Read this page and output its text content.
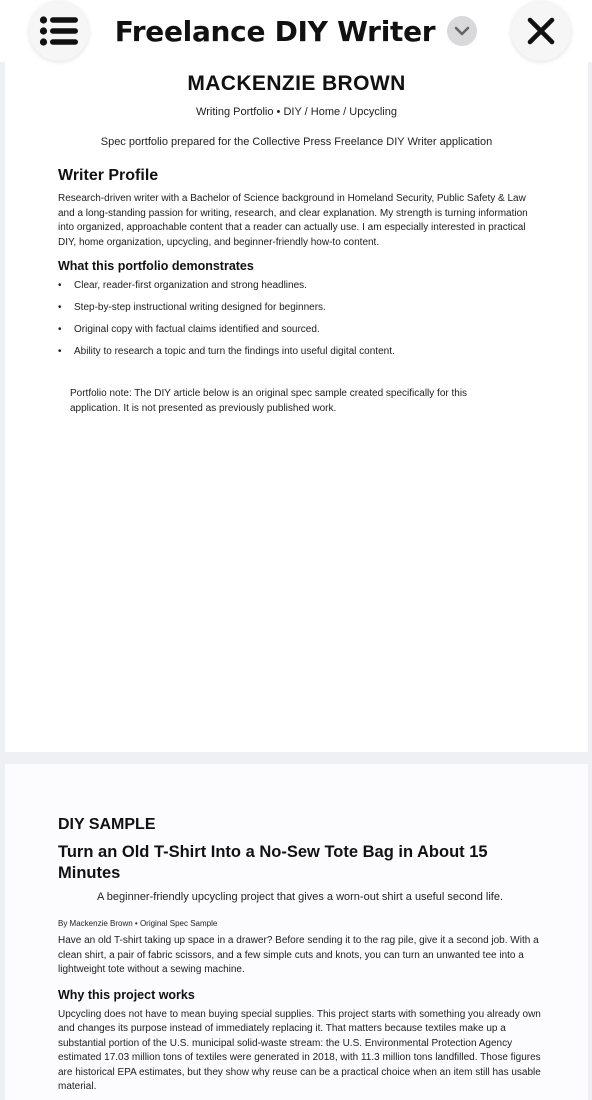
Freelance DIY Writer
MACKENZIE BROWN
Writing Portfolio • DIY / Home / Upcycling
Spec portfolio prepared for the Collective Press Freelance DIY Writer application
Writer Profile

Research-driven writer with a Bachelor of Science background in Homeland Security, Public Safety & Law and a long-standing passion for writing, research, and clear explanation. My strength is turning information into organized, approachable content that a reader can actually use. I am especially interested in practical DIY, home organization, upcycling, and beginner-friendly how-to content.

What this portfolio demonstrates
• Clear, reader-first organization and strong headlines.
• Step-by-step instructional writing designed for beginners.
• Original copy with factual claims identified and sourced.
• Ability to research a topic and turn the findings into useful digital content.

Portfolio note: The DIY article below is an original spec sample created specifically for this application. It is not presented as previously published work.

DIY SAMPLE
Turn an Old T-Shirt Into a No-Sew Tote Bag in About 15 Minutes

A beginner-friendly upcycling project that gives a worn-out shirt a useful second life.

By Mackenzie Brown • Original Spec Sample

Have an old T-shirt taking up space in a drawer? Before sending it to the rag pile, give it a second job. With a clean shirt, a pair of fabric scissors, and a few simple cuts and knots, you can turn an unwanted tee into a lightweight tote without a sewing machine.

Why this project works

Upcycling does not have to mean buying special supplies. This project starts with something you already own and changes its purpose instead of immediately replacing it. That matters because textiles make up a substantial portion of the U.S. municipal solid-waste stream: the U.S. Environmental Protection Agency estimated 17.03 million tons of textiles were generated in 2018, with 11.3 million tons landfilled. Those figures are historical EPA estimates, but they show why reuse can be a practical choice when an item still has usable material.
